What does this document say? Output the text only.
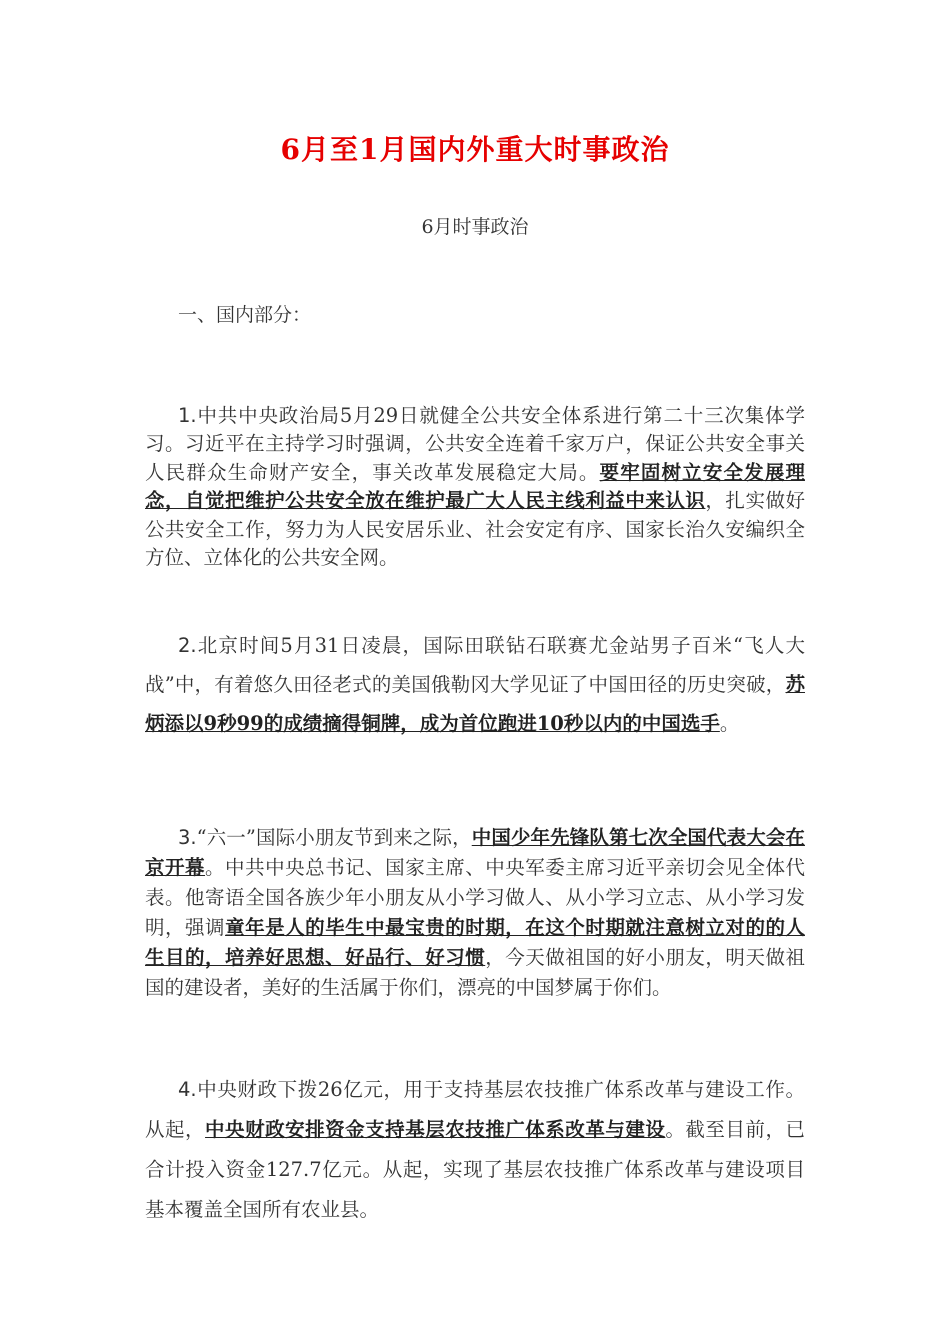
6月至1月国内外重大时事政治
6月时事政治
一、国内部分：

1.中共中央政治局5月29日就健全公共安全体系进行第二十三次集体学习。习近平在主持学习时强调，公共安全连着千家万户，保证公共安全事关人民群众生命财产安全，事关改革发展稳定大局。要牢固树立安全发展理念，自觉把维护公共安全放在维护最广大人民主线利益中来认识，扎实做好公共安全工作，努力为人民安居乐业、社会安定有序、国家长治久安编织全方位、立体化的公共安全网。

2.北京时间5月31日凌晨，国际田联钻石联赛尤金站男子百米“飞人大战”中，有着悠久田径老式的美国俄勒冈大学见证了中国田径的历史突破，苏炳添以9秒99的成绩摘得铜牌，成为首位跑进10秒以内的中国选手。

3.“六一”国际小朋友节到来之际，中国少年先锋队第七次全国代表大会在京开幕。中共中央总书记、国家主席、中央军委主席习近平亲切会见全体代表。他寄语全国各族少年小朋友从小学习做人、从小学习立志、从小学习发明，强调童年是人的毕生中最宝贵的时期，在这个时期就注意树立对的的人生目的，培养好思想、好品行、好习惯，今天做祖国的好小朋友，明天做祖国的建设者，美好的生活属于你们，漂亮的中国梦属于你们。

4.中央财政下拨26亿元，用于支持基层农技推广体系改革与建设工作。从起，中央财政安排资金支持基层农技推广体系改革与建设。截至目前，已合计投入资金127.7亿元。从起，实现了基层农技推广体系改革与建设项目基本覆盖全国所有农业县。
